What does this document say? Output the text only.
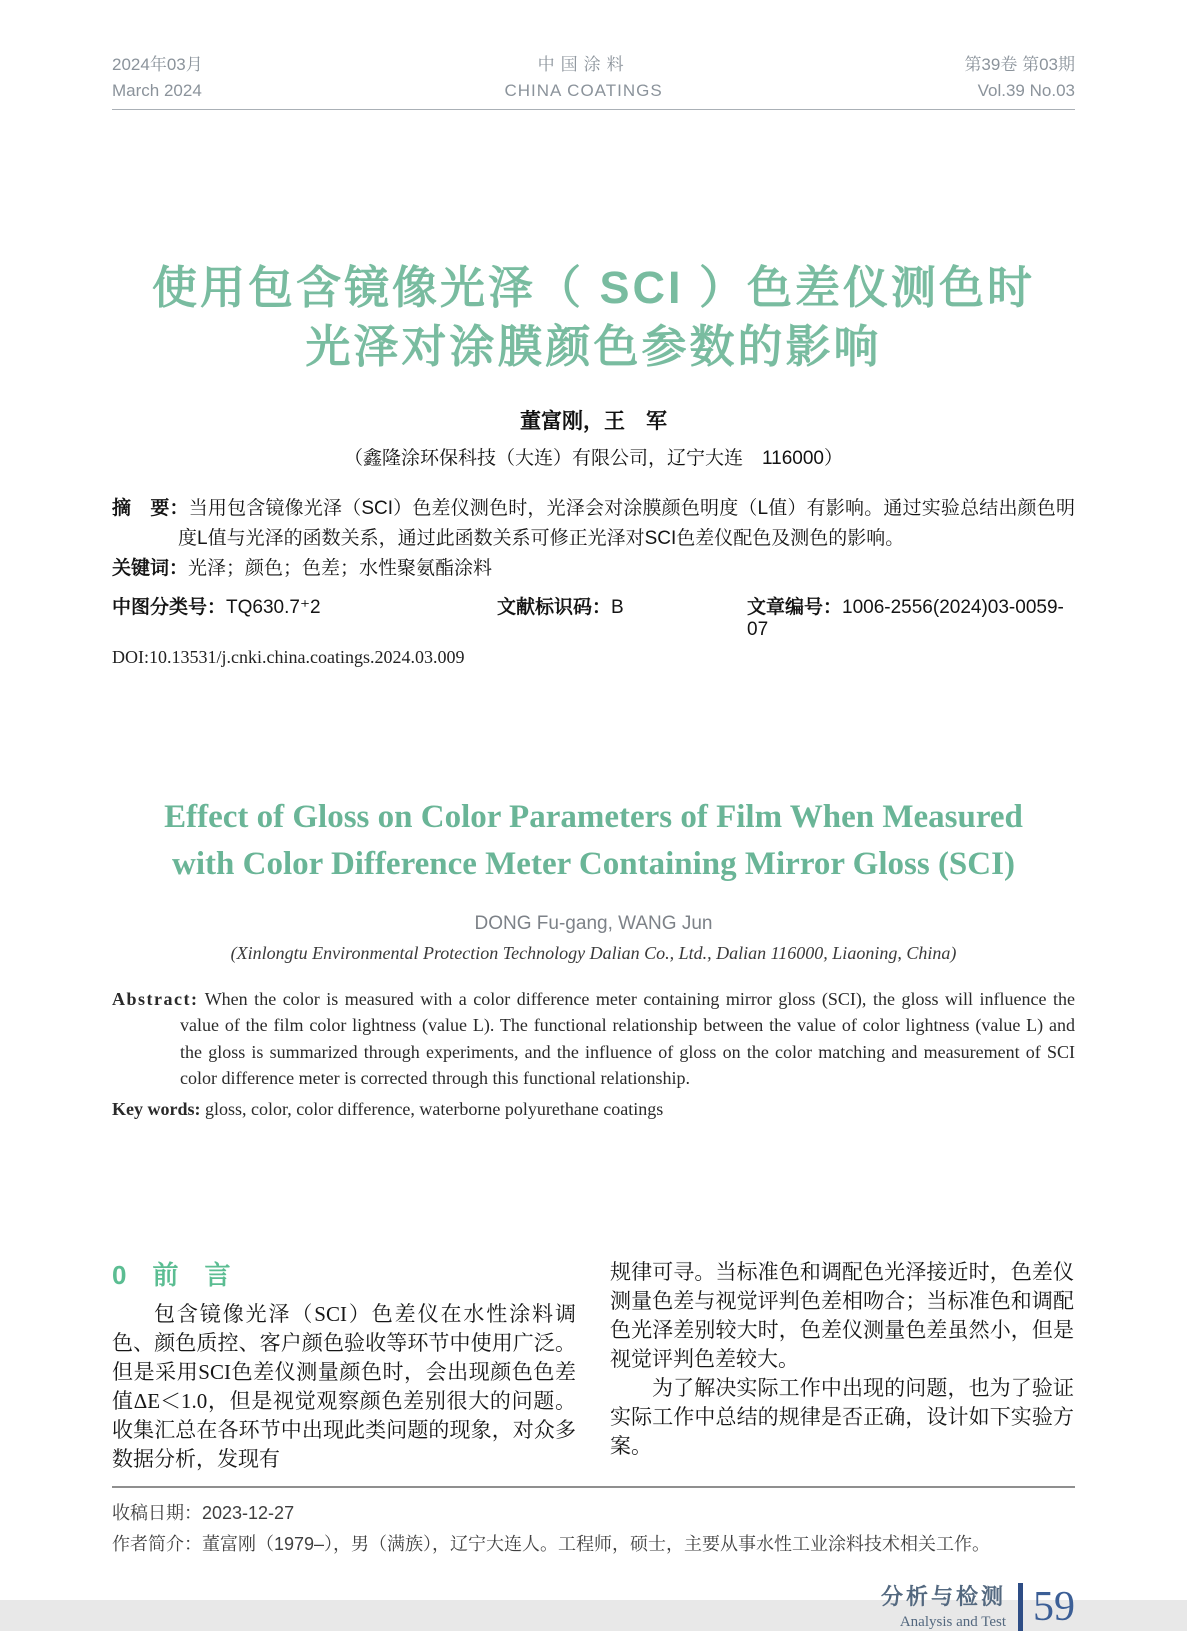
2024年03月
March 2024
中国涂料
CHINA COATINGS
第39卷 第03期
Vol.39 No.03
使用包含镜像光泽（ SCI ）色差仪测色时
光泽对涂膜颜色参数的影响
董富刚，王　军
（鑫隆涂环保科技（大连）有限公司，辽宁大连　116000）
摘　要：当用包含镜像光泽（SCI）色差仪测色时，光泽会对涂膜颜色明度（L值）有影响。通过实验总结出颜色明度L值与光泽的函数关系，通过此函数关系可修正光泽对SCI色差仪配色及测色的影响。
关键词：光泽；颜色；色差；水性聚氨酯涂料
中图分类号：TQ630.7⁺2	文献标识码：B	文章编号：1006-2556(2024)03-0059-07
DOI:10.13531/j.cnki.china.coatings.2024.03.009
Effect of Gloss on Color Parameters of Film When Measured
with Color Difference Meter Containing Mirror Gloss (SCI)
DONG Fu-gang, WANG Jun
(Xinlongtu Environmental Protection Technology Dalian Co., Ltd., Dalian 116000, Liaoning, China)
Abstract: When the color is measured with a color difference meter containing mirror gloss (SCI), the gloss will influence the value of the film color lightness (value L). The functional relationship between the value of color lightness (value L) and the gloss is summarized through experiments, and the influence of gloss on the color matching and measurement of SCI color difference meter is corrected through this functional relationship.
Key words: gloss, color, color difference, waterborne polyurethane coatings
0 前言

包含镜像光泽（SCI）色差仪在水性涂料调色、颜色质控、客户颜色验收等环节中使用广泛。但是采用SCI色差仪测量颜色时，会出现颜色色差值ΔE＜1.0，但是视觉观察颜色差别很大的问题。收集汇总在各环节中出现此类问题的现象，对众多数据分析，发现有

规律可寻。当标准色和调配色光泽接近时，色差仪测量色差与视觉评判色差相吻合；当标准色和调配色光泽差别较大时，色差仪测量色差虽然小，但是视觉评判色差较大。

为了解决实际工作中出现的问题，也为了验证实际工作中总结的规律是否正确，设计如下实验方案。

收稿日期：2023-12-27
作者简介：董富刚（1979–），男（满族），辽宁大连人。工程师，硕士，主要从事水性工业涂料技术相关工作。
分析与检测
Analysis and Test 59
